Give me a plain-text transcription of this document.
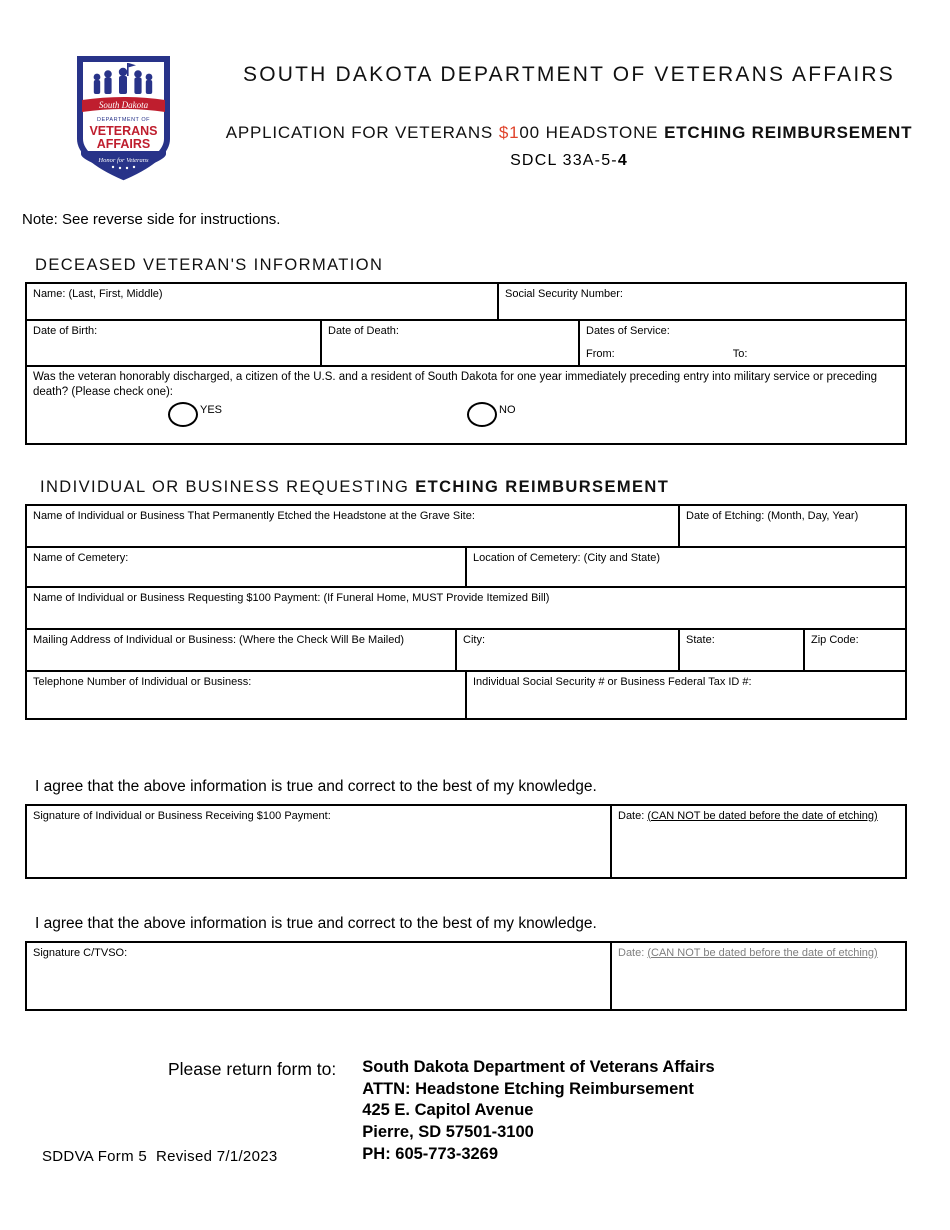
South Dakota
DEPARTMENT OF
VETERANS
AFFAIRS
Honor for Veterans
SOUTH DAKOTA DEPARTMENT OF VETERANS AFFAIRS
APPLICATION FOR VETERANS $100 HEADSTONE ETCHING REIMBURSEMENT
SDCL 33A-5-4
Note: See reverse side for instructions.
DECEASED VETERAN'S INFORMATION
Name: (Last, First, Middle)		Social Security Number:	
Date of Birth:	Date of Death:		Dates of Service:
From: To:

Was the veteran honorably discharged, a citizen of the U.S. and a resident of South Dakota for one year immediately preceding entry into military service or preceding death? (Please check one):
YES NO			
INDIVIDUAL OR BUSINESS REQUESTING ETCHING REIMBURSEMENT
Name of Individual or Business That Permanently Etched the Headstone at the Grave Site:			Date of Etching: (Month, Day, Year)	
Name of Cemetery:		Location of Cemetery: (City and State)		
Name of Individual or Business Requesting $100 Payment: (If Funeral Home, MUST Provide Itemized Bill)				
Mailing Address of Individual or Business: (Where the Check Will Be Mailed)	City:		State:	Zip Code:
Telephone Number of Individual or Business:		Individual Social Security # or Business Federal Tax ID #:		
I agree that the above information is true and correct to the best of my knowledge.
Signature of Individual or Business Receiving $100 Payment:	Date: (CAN NOT be dated before the date of etching)
I agree that the above information is true and correct to the best of my knowledge.
Signature C/TVSO:	Date: (CAN NOT be dated before the date of etching)
Please return form to: South Dakota Department of Veterans Affairs
ATTN: Headstone Etching Reimbursement
425 E. Capitol Avenue
Pierre, SD 57501-3100
PH: 605-773-3269
SDDVA Form 5  Revised 7/1/2023
